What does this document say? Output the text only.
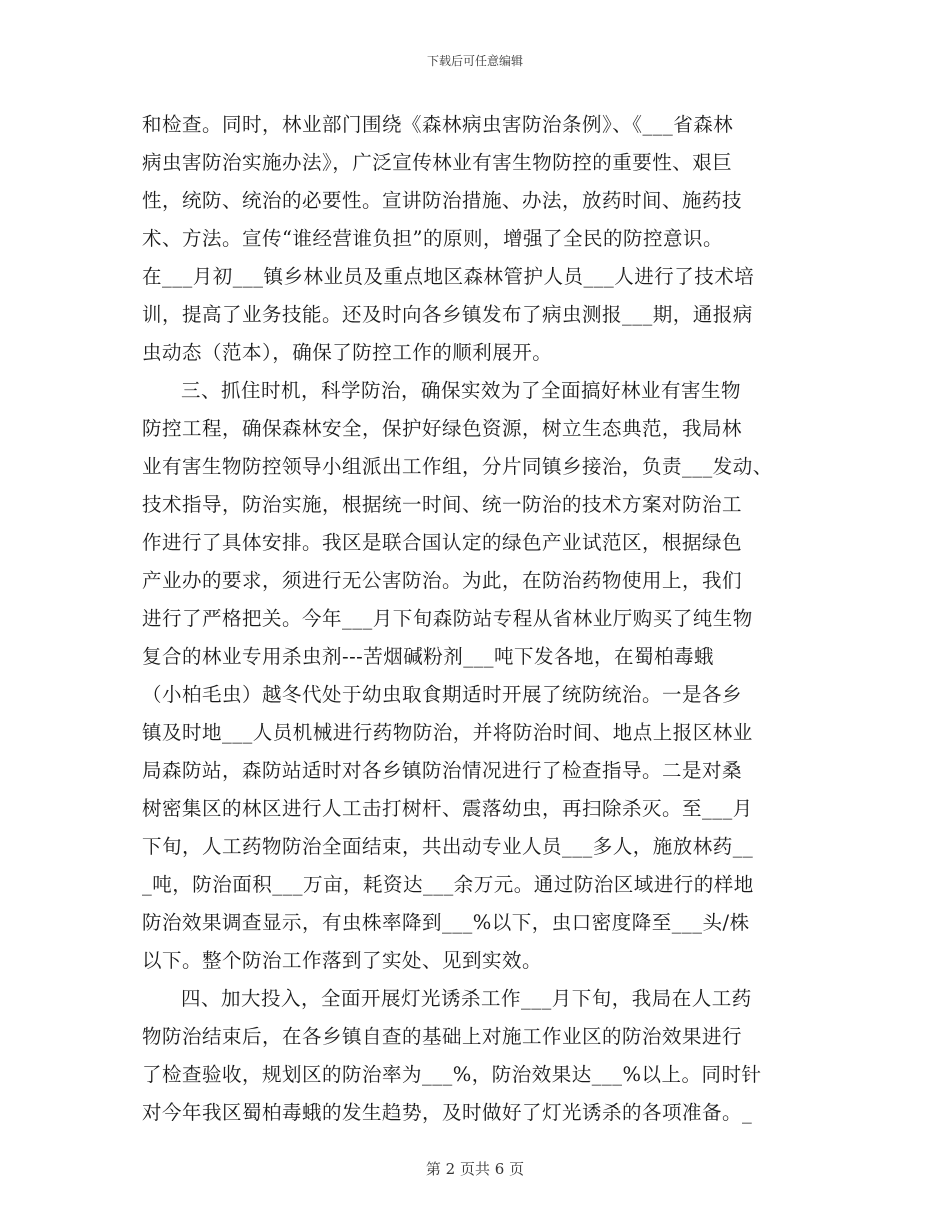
下载后可任意编辑
和检查。同时，林业部门围绕《森林病虫害防治条例》、《___省森林
病虫害防治实施办法》，广泛宣传林业有害生物防控的重要性、艰巨
性，统防、统治的必要性。宣讲防治措施、办法，放药时间、施药技
术、方法。宣传“谁经营谁负担”的原则，增强了全民的防控意识。
在___月初___镇乡林业员及重点地区森林管护人员___人进行了技术培
训，提高了业务技能。还及时向各乡镇发布了病虫测报___期，通报病
虫动态（范本），确保了防控工作的顺利展开。
三、抓住时机，科学防治，确保实效为了全面搞好林业有害生物
防控工程，确保森林安全，保护好绿色资源，树立生态典范，我局林
业有害生物防控领导小组派出工作组，分片同镇乡接治，负责___发动、
技术指导，防治实施，根据统一时间、统一防治的技术方案对防治工
作进行了具体安排。我区是联合国认定的绿色产业试范区，根据绿色
产业办的要求，须进行无公害防治。为此，在防治药物使用上，我们
进行了严格把关。今年___月下旬森防站专程从省林业厅购买了纯生物
复合的林业专用杀虫剂---苦烟碱粉剂___吨下发各地，在蜀柏毒蛾
（小柏毛虫）越冬代处于幼虫取食期适时开展了统防统治。一是各乡
镇及时地___人员机械进行药物防治，并将防治时间、地点上报区林业
局森防站，森防站适时对各乡镇防治情况进行了检查指导。二是对桑
树密集区的林区进行人工击打树杆、震落幼虫，再扫除杀灭。至___月
下旬，人工药物防治全面结束，共出动专业人员___多人，施放林药__
_吨，防治面积___万亩，耗资达___余万元。通过防治区域进行的样地
防治效果调查显示，有虫株率降到___%以下，虫口密度降至___头/株
以下。整个防治工作落到了实处、见到实效。
四、加大投入，全面开展灯光诱杀工作___月下旬，我局在人工药
物防治结束后，在各乡镇自查的基础上对施工作业区的防治效果进行
了检查验收，规划区的防治率为___%，防治效果达___%以上。同时针
对今年我区蜀柏毒蛾的发生趋势，及时做好了灯光诱杀的各项准备。_
第 2 页共 6 页
